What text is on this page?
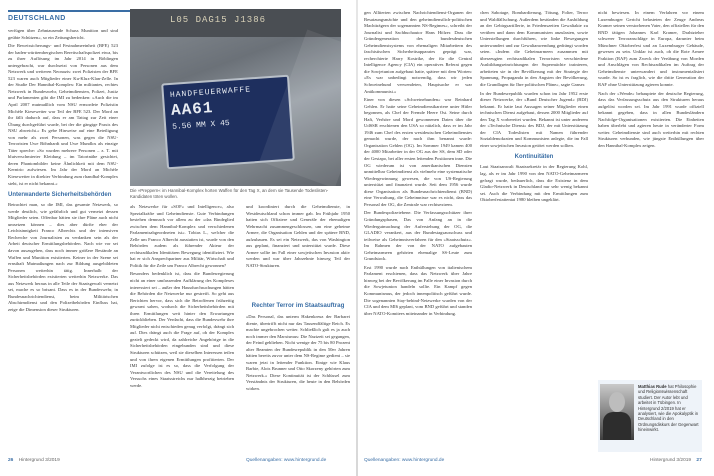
DEUTSCHLAND

verfügen über Zehntausende Schuss Munition und sind geübte Schützen«, so ein Zeitungsbericht.

Die Beweissicherungs- und Festnahmeeinheit (BFE) 523 der baden-württembergischen Bereitschaftspolizei etwa, bis zu ihrer Auflösung im Jahr 2014 in Böblingen untergebracht, war durchsetzt von Personen aus dem Netzwerk und weiteren Neonazis: zwei Polizisten der BFE 523 waren auch Mitglieder einer Ku-Klux-Klan-Zelle. In der Studie Der Hannibal-Komplex: Ein militantes, rechtes Netzwerk in Bundeswehr, Geheimdiensten, Polizei, Justiz und Parlamenten gibt die IMI zu bedenken: »Auch die im April 2007 mutmaßlich vom NSU ermordete Polizistin Michèle Kiesewetter war Teil der BFE 523. Der Mord an ihr fällt dadurch auf, dass er am Tattag zur Zeit einer Übung durchgeführt wurde, bei der die gängige Praxis des NSU abweicht.« Es gebe Hinweise auf eine Beteiligung von mehr als zwei Personen, was gegen die NSU-Terroristen Uwe Böhnhardt und Uwe Mundlos als einzige Täter spreche: »So wurden mehrere Personen – z. T. mit blutverschmierter Kleidung – im Tatortnähe gesichtet, deren Phantombilder keine Ähnlichkeit mit dem NSU-Kerntrio aufwiesen. Im Jahr der Mord an Michèle Kiesewetter in direkter Verbindung zum rhandbal-Komplex steht, ist er nicht bekannt.«

Unterwanderte Sicherheitsbehörden

Betrachtet man, so die IMI, das gesamte Netzwerk, so werde deutlich, wie gefährlich und gut vernetzt dessen Mitglieder seien. Offenbar hätten sie ihre Pläne auch nicht umsetzen können – dies aber dürfte eher der Leichtsinnigkeit Franco Albrechts und der intensiven Recherche von Journalisten zu verdanken sein als der Arbeit deutscher Ermittlungsbehörden. Nach wie vor sei davon auszugehen, dass noch immer größere Bestände an Waffen und Munition existierten. Keiner in der Szene sei ernsthaft Mutmaßungen nach zur Bildung ausgebildeten Personen weiterhin tätig. Innerhalb der Sicherheitsbehörden existierten weiterhin Netzwerke. Das aus Netzwerk heraus in alle Teile der Staatsgewalt vernetzt sei, mache es so brisant. Dass es in der Bundeswehr, in Bundesnachrichtendienst, beim Militärischen Abschirmdienst und den Polizeibehörden Einfluss hat, zeige die Dimension dieser Strukturen.

L05 DAG15 J1386
HANDFEUERWAFFE
AA61
5.56 MM X 45
Die »Preppern« im Hannibal-Komplex horten Waffen für den Tag X, an dem sie Tausende Todeslisten-Kandidaten töten wollen.

als Netzwerke für »SOF« und Intelligence«, also Spezialkräfte und Geheimdienste. Gute Verbindungen bestehen demnach vor allem zu der »das Bindeglied zwischen dem Hannibal-Komplex und verschiedenen Parlamentsabgeordneten ist«. Tobias L., welcher die Zelle um Franco Albrecht ausstatten ist, wurde von den Behörden zudem als führender Akteur der rechtsradikalen Identitären Bewegung identifiziert. Wie hat er sich Ansprechpartner aus Militär, Wirtschaft und Politik für die Zeile um Franco Albrecht gewonnen?

Besonders bedenklich ist, dass die Bundesregierung nicht an einer umfassenden Aufklärung des Komplexes interessiert sei – außer den Hausdurchsuchungen hätten die Behörden die Netzwerke nur gestreift. So geht aus Berichten hervor, dass sich die Betroffenen frühzeitig gewarnt sahen, wodurch die Sicherheitsbehörden mit ihren Ermittlungen weit hinter den Erwartungen zurückblieben. Der Verdacht, dass die Bundeswehr ihre Mitglieder nicht entschieden genug verfolgt, drängt sich auf. Dies drängt auch die Frage auf, ob der Komplex gezielt gedeckt wird, da zahlreiche Angehörige in die Sicherheitsbehörden eingebunden sind und diese Strukturen schützen, weil sie dieselben Interessen teilen und von ihren eigenen Ermittlungen profitierten. Der IMI zufolge ist es so, dass die Verfolgung der Verantwortlichen des NSU und die Vereitelung des Versuchs eines Staatsstreichs nur halbherzig betrieben werde.

und koordiniert durch die Geheimdienste, in Westdeutschland schon immer gab. Im Frühjahr 1950 hatten sich Offiziere und Generäle der ehemaligen Wehrmacht zusammengeschlossen, um eine geheime Armee, die Organisation Gehlen und der spätere BND, aufzubauen. Es sei ein Netzwerk, das von Washington aus geplant, finanziert und unterstützt wurde. Diese Armee sollte im Fall einer sowjetischen Invasion aktiv werden und war über Jahrzehnte hinweg Teil der NATO-Strukturen.

Rechter Terror im Staatsauftrag

»Das Personal, das unterm Hakenkreuz der Barbarei diente, übertrifft nicht nur das Tausendfältige Reich. Es machte ungebrochen weiter. Schließlich galt es ja auch noch immer den Marxismus: Die Nazizeit sei gegangen, der Feind geblieben. Nicht wenige der 75 bis 80 Prozent alter Beamten der Bundesrepublik in den 50er Jahren hätten bereits zuvor unter dem NS-Regime gedient – sie waren jetzt in leitender Funktion. Einige wie Klaus Barbie, Alois Brunner und Otto Skorzeny gehörten zum Netzwerk.« Diese Kontinuität ist der Schlüssel zum Verständnis der Strukturen, die heute in den Behörden wirken.

gen Alliierten zwischen Nachrichtendienst-Organen der Besatzungsmächte und den geheimdienstlich-politischen Machtträgern der sogenannten NS-Regimes«, schreibt der Journalist und Sachbuchautor Hans Hölzer. Dass die Gründergeneration des bundesdeutschen Geheimdienstsystems von ehemaligen Mitarbeitern des faschistischen Sicherheitsapparates geprägt war, recherchierte Harry Kostrike, der für die Central Intelligence Agency (CIA) ein operatives Referat gegen die Sowjetunion aufgebaut hatte, spätere mit dem Worten: »Es war unbedingt notwendig, dass wir jeden Schweinehund verwendeten, Hauptsache er war Antikommunist.«

Einer von diesen »Schweinehunden« war Reinhard Gehlen. Er hatte seine Geheimdienstkarriere unter Hitler begonnen, als Chef der Fremde Heere Ost. Seine durch Haft, Verhöre und Mord gewonnenen Daten über die UdSSR erschienen den USA so nützlich, dass er im Jahr 1946 zum Chef des ersten westdeutschen Geheimdienstes gemacht wurde, der nach ihm benannt wurde: Organisation Gehlen (OG). Im Sommer 1949 kamen 400 der 4000 Mitarbeiter in der OG aus der SS, dem SD oder der Gestapo, bei aller ersten leitenden Positionen inne. Die OG wiederum ist von amerikanischen Diensten unmittelbar Geheimdienst als vielmehr eine systematische Wiedergewinnung gewesen, die von US-Regierung unterstützt und finanziert wurde. Seit dem 1956 wurde diese Organisation als Bundesnachrichtendienst (BND) eine Verwaltung, die Geheimnisse war es nicht, dass das Personal der OG, die Zentrale war rechtsextrem.

Der Bundespolizeiebene. Die Verfassungsschützer ihrer Gründungsphasen, Das von Anfang an in die Wiedergutmachung der Auferstehung der OG, die GLADIO verankert, aus der Bundestagsausschuss und teilweise als Geheimnisverfahren für den »Staatsschutz«. Im Rahmen der von der NATO aufgebauten Geheimarmeen gehörten ehemalige SS-Leute zum Grundstock.

Erst 1990 wurde nach Enthüllungen von italienischem Parlament erschienen, dass das Netzwerk über Jahre hinweg bei der Bevölkerung im Falle einer Invasion durch die Sowjetunion handeln sollte. Ein Kampf gegen Kommunismus, der jedoch innenpolitisch geführt wurde. Die sogenannten Stay-behind-Netzwerke wurden von der CIA und dem MI6 geplant, vom BND geführt und standen über NATO-Komitees miteinander in Verbindung.

chen Sabotage, Bombardierung, Tötung, Folter, Terror und Waldfällschung. Außerdem bestünden die Ausbildung an der Gebirgsartillerie, in Friedenszeiten Gewaltakte zu verüben und dann dem Kommunisten anzulasten, sowie Unterstellungen durchführen, wie linke Bewegungen unterwandert und zur Gewaltanwendung gedrängt worden seien. »Indem die Geheimarmeen zusammen mit überzeugten rechtsradikalen Terroristen verschiedene Ausbildungseinrichtungen der Supermächte trainieren, arbeiteten sie in der Bevölkerung mit der Strategie der Spannung, Propaganda in den Angsten der Bevölkerung, die Grundlagen für Ihre politischen Pläne«, sagte Ganser.

In der Bundesrepublik wurden schon im Jahr 1952 erste dieser Netzwerke, der »Bund Deutscher Jugend« (BDJ) bekannt. Er hatte laut Aussagen seiner Mitglieder einen technischen Dienst aufgebaut, dessen 2000 Mitglieder auf den Tag X vorbereitet wurden. Bekannt ist unter anderem der »Technische Dienst« des BDJ, der mit Unterstützung der CIA Todeslisten mit Namen führender Sozialdemokraten und Kommunisten anlegte, die im Fall einer sowjetischen Invasion getötet werden sollten.

Kontinuitäten

Laut Staatsanwalt Staatssekretär in der Regierung Kohl, lag, als er im Jahr 1990 von den NATO-Geheimarmeen gefragt wurde, bedauerlich, dass die Existenz in dem Gladio-Netzwerk in Deutschland nur sehr wenig bekannt sei. Auch die Verbindung mit den Ermittlungen zum Oktoberfestattentat 1980 bleiben ungeklärt.

nicht bewiesen. In einem Verfahren vor einem Luxemburger Gericht belasteten der Zeuge Andreas Kramer seinen verstorbenen Vater, den offiziellen für den BND tätigen Johannes Karl Kramer, Drahtzieher schwerer Terroranschläge in Europa, darunter beim Münchner Oktoberfest und an Luxemburger Gebäude, gewesen zu sein. Unklar ist auch, ob die Rote Armee Fraktion (RAF) zum Zweck der Verübung von Morden und Anschlägen von Rechtsradikalen im Auftrag der Geheimdienste unterwandert und instrumentalisiert wurde. So ist es fraglich, wie die dritte Generation der RAF ohne Unterstützung agieren konnte.

Nach der »Wende« behauptete der deutsche Regierung, dass das Verfassungsschutz aus den Strukturen heraus aufgelöst worden sei. Im Jahr 1991 wurde offiziell bekannt gegeben, dass in allen Bundesländern Nachfolge-Organisationen existierten. Die Einheiten haben überlebt und agieren heute in veränderter Form weiter. Geheimdienste sind auch weiterhin mit rechten Strukturen verbunden, wie jüngste Enthüllungen über den Hannibal-Komplex zeigen.

Matthias Rude hat Philosophie und Religionswissenschaft studiert. Der Autor lebt und arbeitet in Tübingen. In Hintergrund 2/2019 hat er analysiert, wie die Apokalyptik in Deutschland in den Ordnungsdiskurs der Gegenwart hineinwirkt.
26 Hintergrund 3/2019	Quellenangaben: www.hintergrund.de	Quellenangaben: www.hintergrund.de	Hintergrund 3/2019 27
